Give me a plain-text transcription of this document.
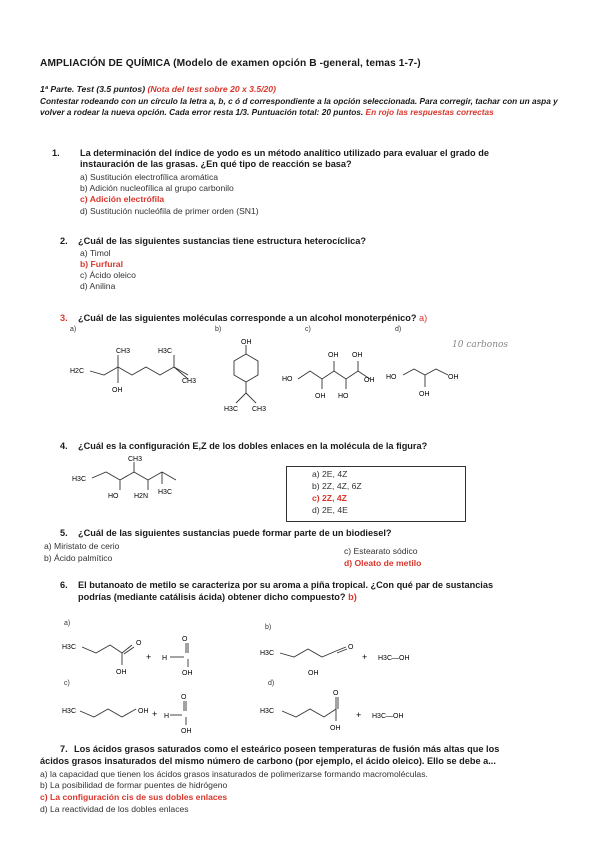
AMPLIACIÓN DE QUÍMICA (Modelo de examen opción B -general, temas 1-7-)
1ª Parte. Test (3.5 puntos) (Nota del test sobre 20 x 3.5/20)
Contestar rodeando con un círculo la letra a, b, c ó d correspondiente a la opción seleccionada. Para corregir, tachar con un aspa y volver a rodear la nueva opción. Cada error resta 1/3. Puntuación total: 20 puntos. En rojo las respuestas correctas
1. La determinación del índice de yodo es un método analítico utilizado para evaluar el grado de
instauración de las grasas. ¿En qué tipo de reacción se basa?
a) Sustitución electrofílica aromática
b) Adición nucleofílica al grupo carbonilo
c) Adición electrófila
d) Sustitución nucleófila de primer orden (SN1)
2. ¿Cuál de las siguientes sustancias tiene estructura heterocíclica?
a) Timol
b) Furfural
c) Ácido oleico
d) Anilina
3. ¿Cuál de las siguientes moléculas corresponde a un alcohol monoterpénico? a)
a)	b)	c)	d)
10 carbonos
CH3	H3C
H2C
OH
CH3
OH
H3C CH3
HO
OH OH
OH HO
OH HO	OH
OH
4. ¿Cuál es la configuración E,Z de los dobles enlaces en la molécula de la figura?
CH3
H3C
HO H2N
H3C
a) 2E, 4Z
b) 2Z, 4Z, 6Z
c) 2Z, 4Z
d) 2E, 4E
5. ¿Cuál de las siguientes sustancias puede formar parte de un biodiesel?
a) Miristato de cerio
b) Ácido palmítico
c) Estearato sódico
d) Oleato de metilo
6. El butanoato de metilo se caracteriza por su aroma a piña tropical. ¿Con qué par de sustancias
podrías (mediante catálisis ácida) obtener dicho compuesto? b)
a)
b)
c)	d)
H3C
O
OH
+ H
O
OH
H3C
O
+ H3C—OH
OH
H3C	OH + H
O
OH
H3C
O
OH
+ H3C—OH
7. Los ácidos grasos saturados como el esteárico poseen temperaturas de fusión más altas que los
ácidos grasos insaturados del mismo número de carbono (por ejemplo, el ácido oleico). Ello se debe a...
a) la capacidad que tienen los ácidos grasos insaturados de polimerizarse formando macromoléculas.
b) La posibilidad de formar puentes de hidrógeno
c) La configuración cis de sus dobles enlaces
d) La reactividad de los dobles enlaces
